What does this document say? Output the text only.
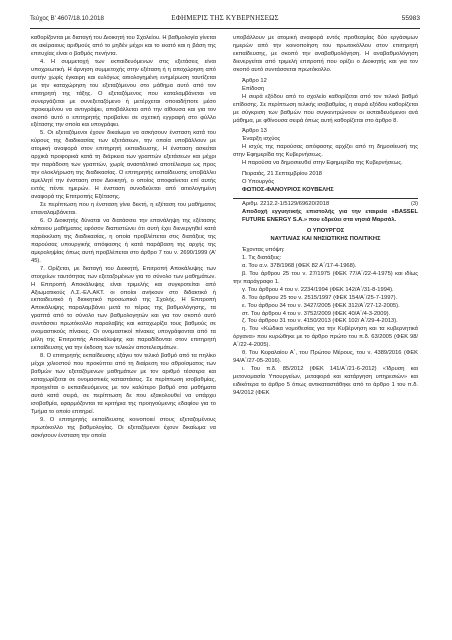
Τεύχος Β' 4607/18.10.2018	ΕΦΗΜΕΡΙΣ ΤΗΣ ΚΥΒΕΡΝΗΣΕΩΣ	55983

καθορίζονται με διαταγή του Διοικητή του Σχολείου. Η βαθμολογία γίνεται σε ακέραιους αριθμούς από το μηδέν μέχρι και το εκατό και η βάση της επιτυχίας είναι ο βαθμός πενήντα.

4. Η συμμετοχή των εκπαιδευόμενων στις εξετάσεις είναι υποχρεωτική. Η άρνηση συμμετοχής στην εξέταση ή η αποχώρηση από αυτήν χωρίς έγκαιρη και ευλόγως αιτιολογημένη ενημέρωση ταυτίζεται με την καταχώρηση του εξεταζόμενου στο μάθημα αυτό από τον επιτηρητή της τάξης. Ο εξεταζόμενος που καταλαμβάνεται να συνεργάζεται με συνεξεταζόμενο ή μετέρχεται οποιαδήποτε μέσο προκειμένου να αντιγράψει, αποβάλλεται από την αίθουσα και για τον σκοπό αυτό ο επιτηρητής προβαίνει σε σχετική εγγραφή στο φύλλο εξέτασης την οποία και υπογράφει.

5. Οι εξεταζόμενοι έχουν δικαίωμα να ασκήσουν ένσταση κατά του κύρους της διαδικασίας των εξετάσεων, την οποία υποβάλλουν με ατομική αναφορά στον επιτηρητή εκπαιδευσης. Η ένσταση ασκείται αρχικά προφορικά κατά τη διάρκεια των γραπτών εξετάσεων και μέχρι την παράδοση των γραπτών, χωρίς αναστάλτικό αποτέλεσμα ως προς την ολοκλήρωση της διαδικασίας. Ο επιτηρητής εκπαίδευσης υποβάλλει αμελλητί την ένσταση στον Διοικητή, ο οποίος αποφαίνεται επί αυτής εντός πέντε ημερών. Η ένσταση συνοδεύεται από αιτιολογημένη αναφορά της Επιτροπής Εξέτασης.

Σε περίπτωση που η ένσταση γίνει δεκτή, η εξέταση του μαθήματος επαναλαμβάνεται.

6. Ο Διοικητής δύναται να διατάσσει την επανάληψη της εξέτασης κάποιου μαθήματος εφόσον διαπιστώνει ότι αυτή έχει διενεργηθεί κατά παρέκκλιση της διαδικασίας, η οποία προβλέπεται στις διατάξεις της παρούσας υπουργικής απόφασης ή κατά παράβαση της αρχής της αμεροληψίας όπως αυτή προβλέπεται στο άρθρο 7 του ν. 2690/1999 (Α' 45).

7. Ορίζεται, με διαταγή του Διοικητή, Επιτροπή Αποκάλυψης των στοιχείων ταυτότητας των εξεταζομένων για το σύνολο των μαθημάτων. Η Επιτροπή Αποκάλυψης είναι τριμελής και συγκροτείται από Αξιωματικούς Λ.Σ.-ΕΛ.ΑΚΤ. οι οποίοι ανήκουν στο διδακτικό ή εκπαιδευτικό ή διοικητικό προσωπικό της Σχολής. Η Επιτροπή Αποκάλυψης παραλαμβάνει μετά το πέρας της βαθμολόγησης, τα γραπτά από το σύνολο των βαθμολογητών και για τον σκοπό αυτό συντάσσει πρωτόκολλο παραλαβής και καταχωρίζει τους βαθμούς σε ονομαστικούς πίνακες. Οι ονομαστικοί πίνακες υπογράφονται από τα μέλη της Επιτροπής Αποκάλυψης και παραδίδονται στον επιτηρητή εκπαίδευσης για την έκδοση των τελικών αποτελεσμάτων.

8. Ο επιτηρητής εκπαίδευσης εξάγει τον τελικό βαθμό από τα πηλίκο μέχρι χιλιοστού που προκύπτει από τη διαίρεση του αθροίσματος των βαθμών των εξεταζόμενων μαθημάτων με τον αριθμό τέσσερα και καταχωρίζεται σε ονομαστικές καταστάσεις. Σε περίπτωση ισοβαθμίας, προηγείται ο εκπαιδευόμενος με τον καλύτερο βαθμό στα μαθήματα αυτά κατά σειρά, σε περίπτωση δε που εξακολουθεί να υπάρχει ισοβαθμία, εφαρμόζονται τα κριτήρια της προηγούμενης εδαφίου για το Τμήμα το οποίο επιτηρεί.

9. Ο επιτηρητής εκπαίδευσης κοινοποιεί στους εξεταζομένους πρωτόκολλο της βαθμολογίας. Οι εξεταζόμενοι έχουν δικαίωμα να ασκήσουν ένσταση την οποία

υποβάλλουν με ατομική αναφορά εντός προθεσμίας δύο εργάσιμων ημερών από την κοινοποίηση του πρωτοκόλλου στον επιτηρητή εκπαίδευσης, με σκοπό την αναβαθμολόγηση. Η αναβαθμολόγηση διενεργείται από τριμελή επιτροπή που ορίζει ο Διοικητής και για τον σκοπό αυτό συντάσσεται πρωτόκολλο.

Άρθρο 12

Επίδοση

Η σειρά εξόδου από το σχολείο καθορίζεται από τον τελικό βαθμό επίδοσης. Σε περίπτωση τελικής ισοβαθμίας, η σειρά εξόδου καθορίζεται με σύγκριση των βαθμών που συγκεντρώνουν οι εκπαιδευόμενοι ανά μάθημα, με φθίνουσα σειρά όπως αυτή καθορίζεται στο άρθρο 8.

Άρθρο 13

Έναρξη ισχύος

Η ισχύς της παρούσας απόφασης αρχίζει από τη δημοσίευσή της στην Εφημερίδα της Κυβερνήσεως.

Η παρούσα να δημοσιευθεί στην Εφημερίδα της Κυβερνήσεως.

Πειραιάς, 21 Σεπτεμβρίου 2018

Ο Υπουργός

ΦΩΤΙΟΣ-ΦΑΝΟΥΡΙΟΣ ΚΟΥΒΕΛΗΣ

Αριθμ. 2212.2-1/5129/69620/2018	(3)

Αποδοχή εγγυητικής επιστολής για την εταιρεία «BASSEL FUTURE ENERGY S.A.» που εδρεύει στα νησιά Μαρσάλ.

Ο ΥΠΟΥΡΓΟΣ

ΝΑΥΤΙΛΙΑΣ ΚΑΙ ΝΗΣΙΩΤΙΚΗΣ ΠΟΛΙΤΙΚΗΣ

Έχοντας υπόψη:

1. Τις διατάξεις:

α. Του α.ν. 378/1968 (ΦΕΚ 82 Α΄/17-4-1968).

β. Του άρθρου 25 του ν. 27/1975 (ΦΕΚ 77/Α΄/22-4-1975) και ιδίως την παράγραφο 1.

γ. Του άρθρου 4 του ν. 2234/1994 (ΦΕΚ 142/Α΄/31-8-1994).

δ. Του άρθρου 25 του ν. 2515/1997 (ΦΕΚ 154/Α΄/25-7-1997).

ε. Του άρθρου 34 του ν. 3427/2005 (ΦΕΚ 312/Α΄/27-12-2005).

στ. Του άρθρου 4 του ν. 3752/2009 (ΦΕΚ 40/Α΄/4-3-2009).

ζ. Του άρθρου 31 του ν. 4150/2013 (ΦΕΚ 102/ Α΄/29-4-2013).

η. Του «Κώδικα νομοθεσίας για την Κυβέρνηση και τα κυβερνητικά όργανα» που κυρώθηκε με το άρθρο πρώτο του π.δ. 63/2005 (ΦΕΚ 98/Α΄/22-4-2005).

θ. Του Κεφαλαίου Α΄, του Πρώτου Μέρους, του ν. 4389/2016 (ΦΕΚ 94/Α΄/27-05-2016).

ι. Του π.δ. 85/2012 (ΦΕΚ 141/Α΄/21-6-2012) «Ίδρυση και μετονομασία Υπουργείων, μεταφορά και κατάργηση υπηρεσιών» και ειδικότερα το άρθρο 5 όπως αντικαταστάθηκε από το άρθρο 1 του π.δ. 94/2012 (ΦΕΚ
